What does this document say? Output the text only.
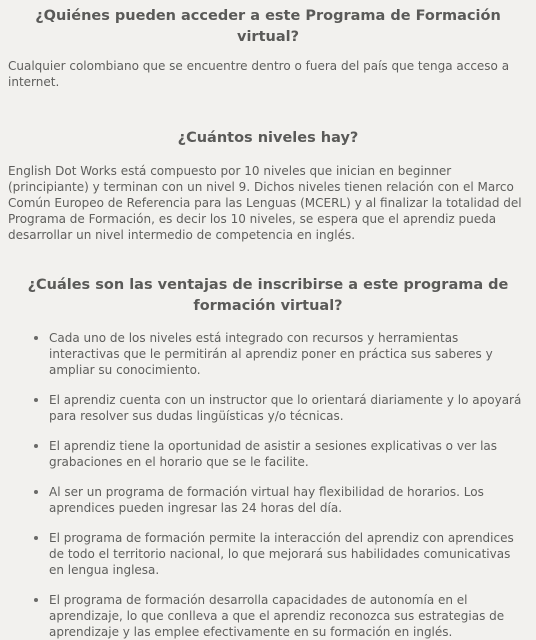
¿Quiénes pueden acceder a este Programa de Formación virtual?

Cualquier colombiano que se encuentre dentro o fuera del país que tenga acceso a internet.

¿Cuántos niveles hay?

English Dot Works está compuesto por 10 niveles que inician en beginner (principiante) y terminan con un nivel 9. Dichos niveles tienen relación con el Marco Común Europeo de Referencia para las Lenguas (MCERL) y al finalizar la totalidad del Programa de Formación, es decir los 10 niveles, se espera que el aprendiz pueda desarrollar un nivel intermedio de competencia en inglés.

¿Cuáles son las ventajas de inscribirse a este programa de formación virtual?
Cada uno de los niveles está integrado con recursos y herramientas interactivas que le permitirán al aprendiz poner en práctica sus saberes y ampliar su conocimiento.
El aprendiz cuenta con un instructor que lo orientará diariamente y lo apoyará para resolver sus dudas lingüísticas y/o técnicas.
El aprendiz tiene la oportunidad de asistir a sesiones explicativas o ver las grabaciones en el horario que se le facilite.
Al ser un programa de formación virtual hay flexibilidad de horarios. Los aprendices pueden ingresar las 24 horas del día.
El programa de formación permite la interacción del aprendiz con aprendices de todo el territorio nacional, lo que mejorará sus habilidades comunicativas en lengua inglesa.
El programa de formación desarrolla capacidades de autonomía en el aprendizaje, lo que conlleva a que el aprendiz reconozca sus estrategias de aprendizaje y las emplee efectivamente en su formación en inglés.
